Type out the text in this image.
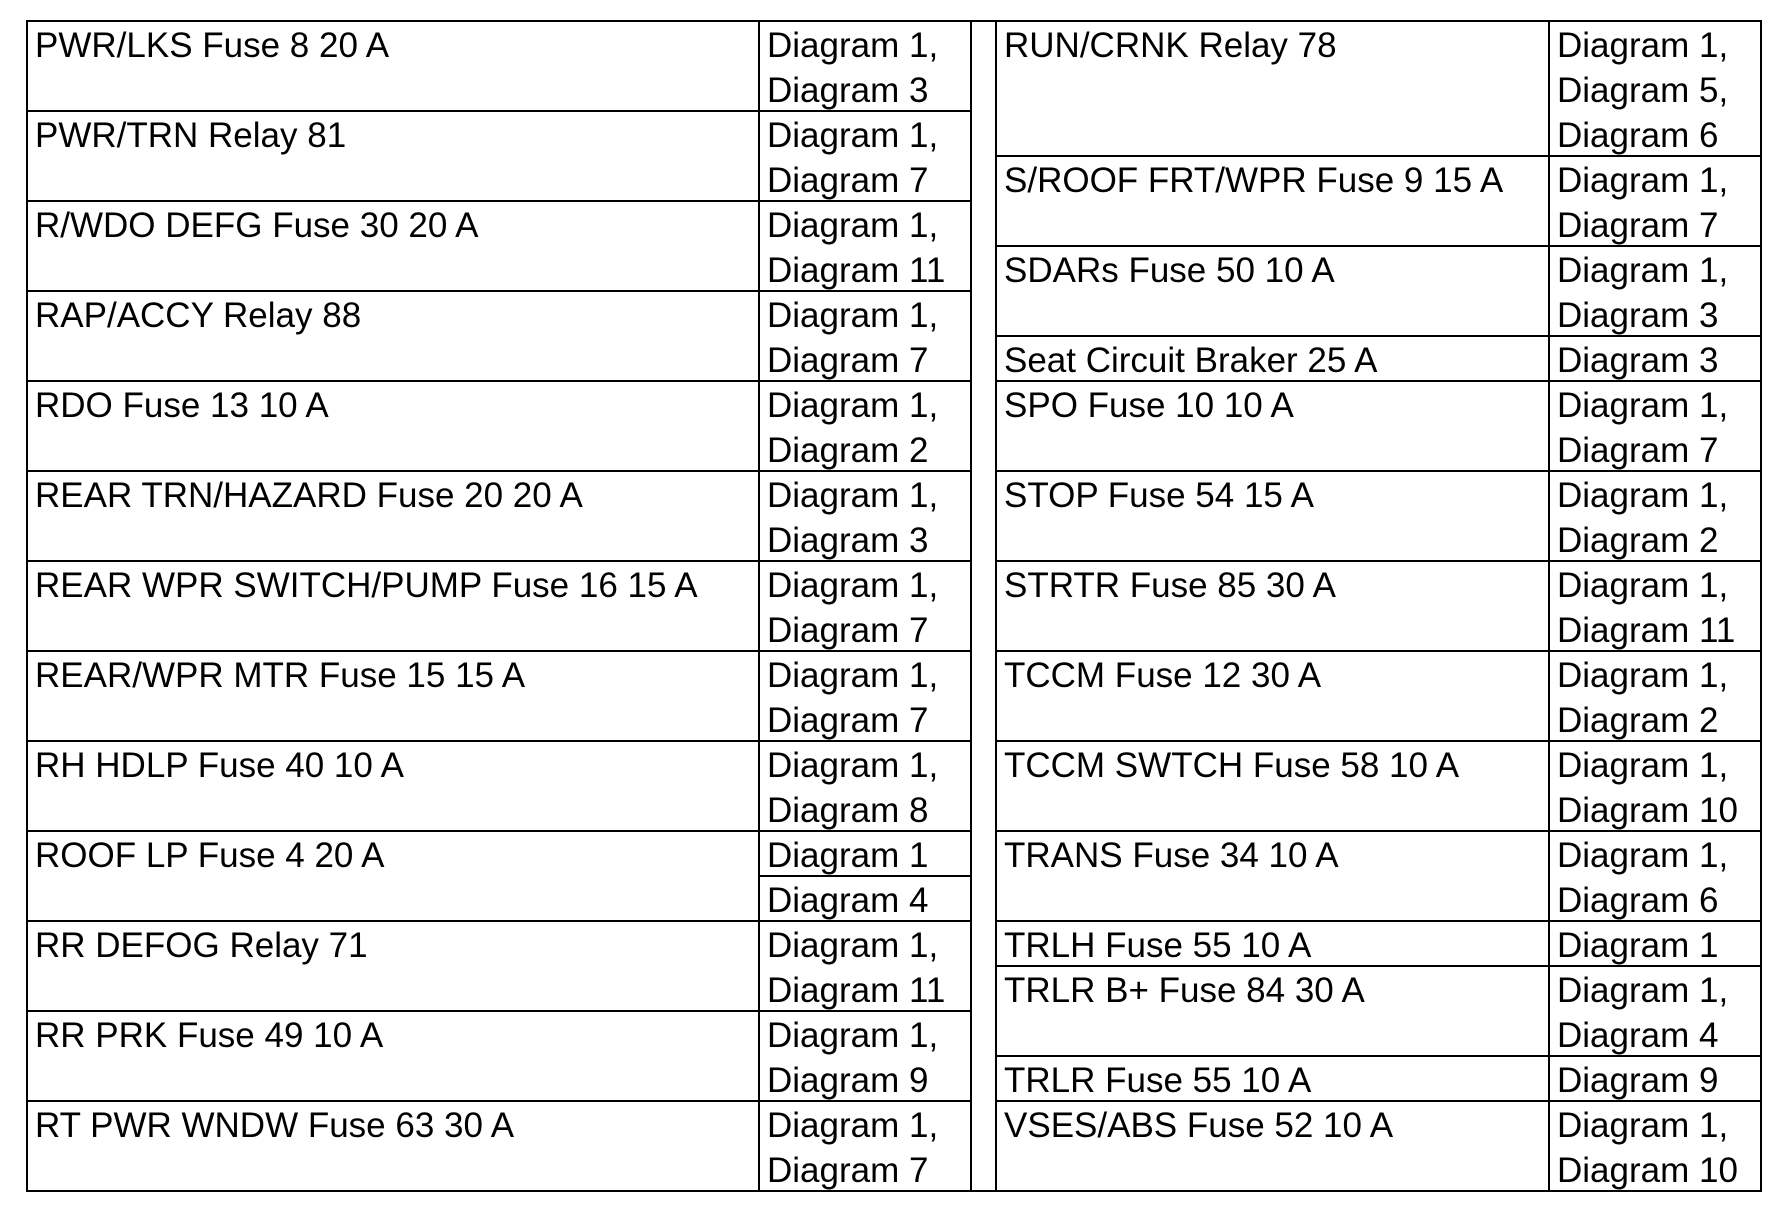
PWR/LKS Fuse 8 20 A	Diagram 1,
Diagram 3
PWR/TRN Relay 81	Diagram 1,
Diagram 7
R/WDO DEFG Fuse 30 20 A	Diagram 1,
Diagram 11
RAP/ACCY Relay 88	Diagram 1,
Diagram 7
RDO Fuse 13 10 A	Diagram 1,
Diagram 2
REAR TRN/HAZARD Fuse 20 20 A	Diagram 1,
Diagram 3
REAR WPR SWITCH/PUMP Fuse 16 15 A	Diagram 1,
Diagram 7
REAR/WPR MTR Fuse 15 15 A	Diagram 1,
Diagram 7
RH HDLP Fuse 40 10 A	Diagram 1,
Diagram 8
ROOF LP Fuse 4 20 A	Diagram 1
Diagram 4
RR DEFOG Relay 71	Diagram 1,
Diagram 11
RR PRK Fuse 49 10 A	Diagram 1,
Diagram 9
RT PWR WNDW Fuse 63 30 A	Diagram 1,
Diagram 7
RUN/CRNK Relay 78	Diagram 1,
Diagram 5,
Diagram 6
S/ROOF FRT/WPR Fuse 9 15 A	Diagram 1,
Diagram 7
SDARs Fuse 50 10 A	Diagram 1,
Diagram 3
Seat Circuit Braker 25 A	Diagram 3
SPO Fuse 10 10 A	Diagram 1,
Diagram 7
STOP Fuse 54 15 A	Diagram 1,
Diagram 2
STRTR Fuse 85 30 A	Diagram 1,
Diagram 11
TCCM Fuse 12 30 A	Diagram 1,
Diagram 2
TCCM SWTCH Fuse 58 10 A	Diagram 1,
Diagram 10
TRANS Fuse 34 10 A	Diagram 1,
Diagram 6
TRLH Fuse 55 10 A	Diagram 1
TRLR B+ Fuse 84 30 A	Diagram 1,
Diagram 4
TRLR Fuse 55 10 A	Diagram 9
VSES/ABS Fuse 52 10 A	Diagram 1,
Diagram 10
